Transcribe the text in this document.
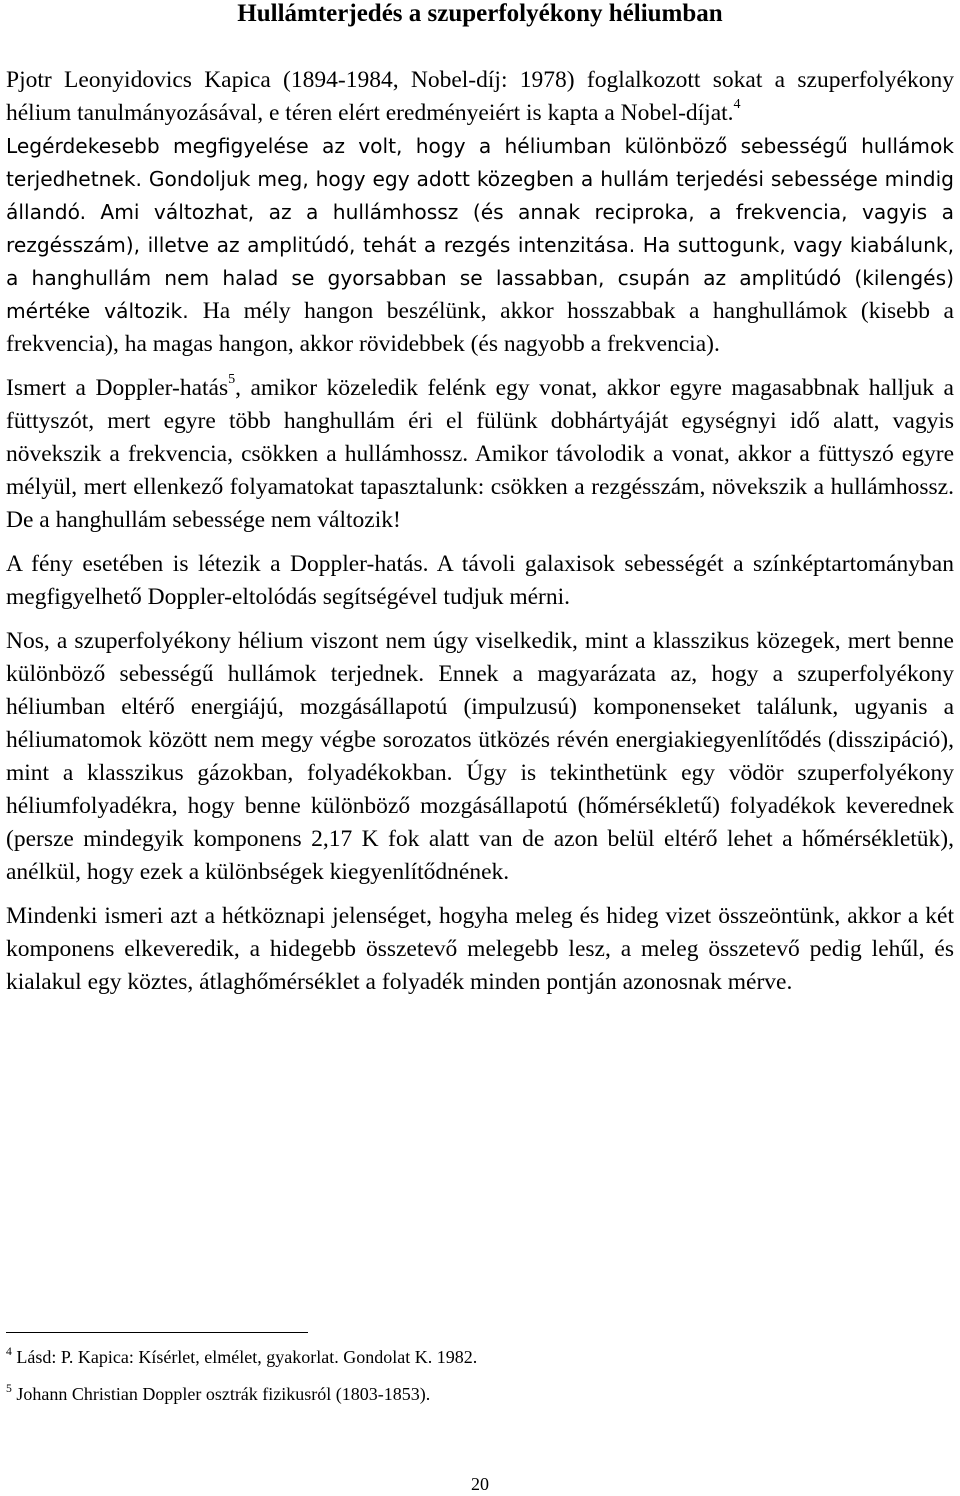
Hullámterjedés a szuperfolyékony héliumban

Pjotr Leonyidovics Kapica (1894-1984, Nobel-díj: 1978) foglalkozott sokat a szuperfolyékony hélium tanulmányozásával, e téren elért eredményeiért is kapta a Nobel-díjat.$^4$

Legérdekesebb megfigyelése az volt, hogy a héliumban különböző sebességű hullámok terjedhetnek. Gondoljuk meg, hogy egy adott közegben a hullám terjedési sebessége mindig állandó. Ami változhat, az a hullámhossz (és annak reciproka, a frekvencia, vagyis a rezgésszám), illetve az amplitúdó, tehát a rezgés intenzitása. Ha suttogunk, vagy kiabálunk, a hanghullám nem halad se gyorsabban se lassabban, csupán az amplitúdó (kilengés) mértéke változik. Ha mély hangon beszélünk, akkor hosszabbak a hanghullámok (kisebb a frekvencia), ha magas hangon, akkor rövidebbek (és nagyobb a frekvencia).

Ismert a Doppler-hatás$^5$, amikor közeledik felénk egy vonat, akkor egyre magasabbnak halljuk a füttyszót, mert egyre több hanghullám éri el fülünk dobhártyáját egységnyi idő alatt, vagyis növekszik a frekvencia, csökken a hullámhossz. Amikor távolodik a vonat, akkor a füttyszó egyre mélyül, mert ellenkező folyamatokat tapasztalunk: csökken a rezgésszám, növekszik a hullámhossz. De a hanghullám sebessége nem változik!

A fény esetében is létezik a Doppler-hatás. A távoli galaxisok sebességét a színképtartományban megfigyelhető Doppler-eltolódás segítségével tudjuk mérni.

Nos, a szuperfolyékony hélium viszont nem úgy viselkedik, mint a klasszikus közegek, mert benne különböző sebességű hullámok terjednek. Ennek a magyarázata az, hogy a szuperfolyékony héliumban eltérő energiájú, mozgásállapotú (impulzusú) komponenseket találunk, ugyanis a héliumatomok között nem megy végbe sorozatos ütközés révén energiakiegyenlítődés (disszipáció), mint a klasszikus gázokban, folyadékokban. Úgy is tekinthetünk egy vödör szuperfolyékony héliumfolyadékra, hogy benne különböző mozgásállapotú (hőmérsékletű) folyadékok keverednek (persze mindegyik komponens 2,17 K fok alatt van de azon belül eltérő lehet a hőmérsékletük), anélkül, hogy ezek a különbségek kiegyenlítődnének.

Mindenki ismeri azt a hétköznapi jelenséget, hogyha meleg és hideg vizet összeöntünk, akkor a két komponens elkeveredik, a hidegebb összetevő melegebb lesz, a meleg összetevő pedig lehűl, és kialakul egy köztes, átlaghőmérséklet a folyadék minden pontján azonosnak mérve.

$^4$ Lásd: P. Kapica: Kísérlet, elmélet, gyakorlat. Gondolat K. 1982.

$^5$ Johann Christian Doppler osztrák fizikusról (1803-1853).

20
